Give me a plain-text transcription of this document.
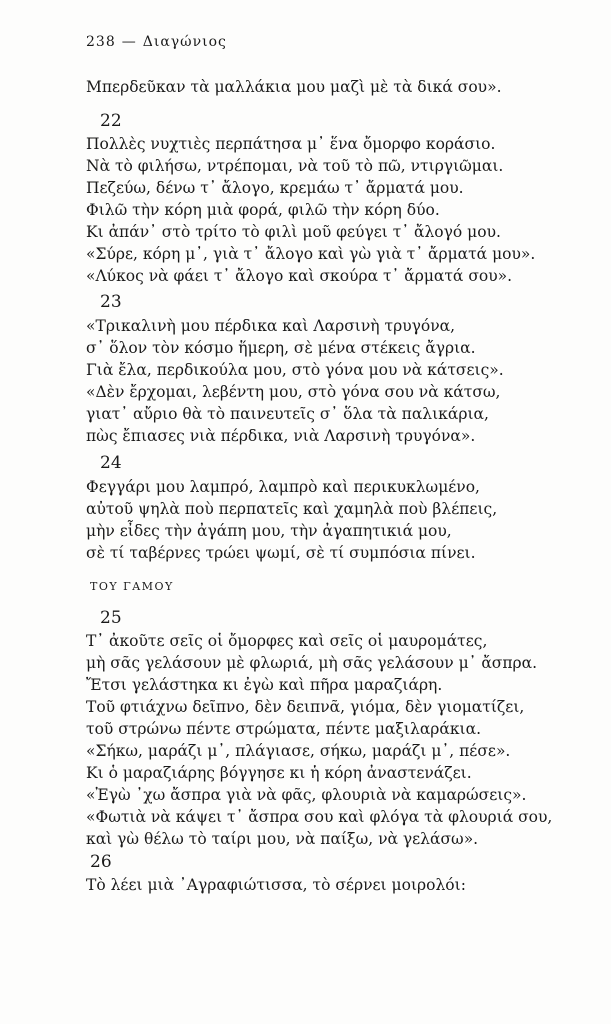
238 — Διαγώνιος
Μπερδεῦκαν τὰ μαλλάκια μου μαζὶ μὲ τὰ δικά σου».
22
Πολλὲς νυχτιὲς περπάτησα μ᾽ ἕνα ὄμορφο κοράσιο.
Νὰ τὸ φιλήσω, ντρέπομαι, νὰ τοῦ τὸ πῶ, ντιργιῶμαι.
Πεζεύω, δένω τ᾽ ἄλογο, κρεμάω τ᾽ ἄρματά μου.
Φιλῶ τὴν κόρη μιὰ φορά, φιλῶ τὴν κόρη δύο.
Κι ἀπάν᾽ στὸ τρίτο τὸ φιλὶ μοῦ φεύγει τ᾽ ἄλογό μου.
«Σύρε, κόρη μ᾽, γιὰ τ᾽ ἄλογο καὶ γὼ γιὰ τ᾽ ἄρματά μου».
«Λύκος νὰ φάει τ᾽ ἄλογο καὶ σκούρα τ᾽ ἄρματά σου».
23
«Τρικαλινὴ μου πέρδικα καὶ Λαρσινὴ τρυγόνα,
σ᾽ ὅλον τὸν κόσμο ἥμερη, σὲ μένα στέκεις ἄγρια.
Γιὰ ἔλα, περδικούλα μου, στὸ γόνα μου νὰ κάτσεις».
«Δὲν ἔρχομαι, λεβέντη μου, στὸ γόνα σου νὰ κάτσω,
γιατ᾽ αὔριο θὰ τὸ παινευτεῖς σ᾽ ὅλα τὰ παλικάρια,
πὼς ἔπιασες νιὰ πέρδικα, νιὰ Λαρσινὴ τρυγόνα».
24
Φεγγάρι μου λαμπρό, λαμπρὸ καὶ περικυκλωμένο,
αὐτοῦ ψηλὰ ποὺ περπατεῖς καὶ χαμηλὰ ποὺ βλέπεις,
μὴν εἶδες τὴν ἀγάπη μου, τὴν ἀγαπητικιά μου,
σὲ τί ταβέρνες τρώει ψωμί, σὲ τί συμπόσια πίνει.
ΤΟΥ ΓΑΜΟΥ
25
Τ᾽ ἀκοῦτε σεῖς οἱ ὄμορφες καὶ σεῖς οἱ μαυρομάτες,
μὴ σᾶς γελάσουν μὲ φλωριά, μὴ σᾶς γελάσουν μ᾽ ἄσπρα.
Ἔτσι γελάστηκα κι ἐγὼ καὶ πῆρα μαραζιάρη.
Τοῦ φτιάχνω δεῖπνο, δὲν δειπνᾶ, γιόμα, δὲν γιοματίζει,
τοῦ στρώνω πέντε στρώματα, πέντε μαξιλαράκια.
«Σήκω, μαράζι μ᾽, πλάγιασε, σήκω, μαράζι μ᾽, πέσε».
Κι ὁ μαραζιάρης βόγγησε κι ἡ κόρη ἀναστενάζει.
«Ἐγὼ ᾽χω ἄσπρα γιὰ νὰ φᾶς, φλουριὰ νὰ καμαρώσεις».
«Φωτιὰ νὰ κάψει τ᾽ ἄσπρα σου καὶ φλόγα τὰ φλουριά σου,
καὶ γὼ θέλω τὸ ταίρι μου, νὰ παίξω, νὰ γελάσω».
26
Τὸ λέει μιὰ ᾽Αγραφιώτισσα, τὸ σέρνει μοιρολόι:
